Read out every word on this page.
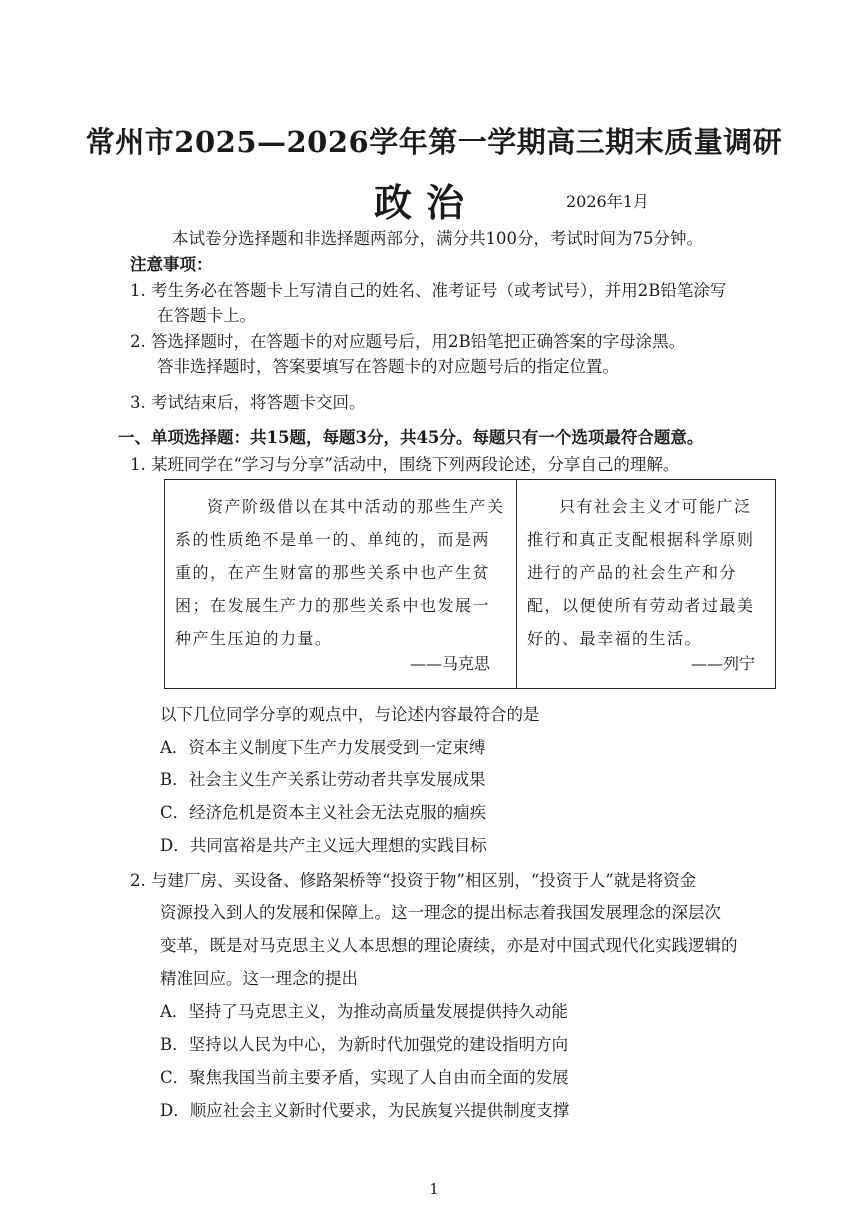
常州市2025—2026学年第一学期高三期末质量调研
政治	2026年1月
本试卷分选择题和非选择题两部分，满分共100分，考试时间为75分钟。
注意事项：
1. 考生务必在答题卡上写清自己的姓名、准考证号（或考试号），并用2B铅笔涂写
在答题卡上。
2. 答选择题时，在答题卡的对应题号后，用2B铅笔把正确答案的字母涂黑。
答非选择题时，答案要填写在答题卡的对应题号后的指定位置。
3. 考试结束后，将答题卡交回。
一、单项选择题：共15题，每题3分，共45分。每题只有一个选项最符合题意。
1. 某班同学在“学习与分享”活动中，围绕下列两段论述，分享自己的理解。
资产阶级借以在其中活动的那些生产关系的性质绝不是单一的、单纯的，而是两重的，在产生财富的那些关系中也产生贫困；在发展生产力的那些关系中也发展一种产生压迫的力量。
——马克思
只有社会主义才可能广泛推行和真正支配根据科学原则进行的产品的社会生产和分配，以便使所有劳动者过最美好的、最幸福的生活。
——列宁
以下几位同学分享的观点中，与论述内容最符合的是
A．资本主义制度下生产力发展受到一定束缚
B．社会主义生产关系让劳动者共享发展成果
C．经济危机是资本主义社会无法克服的痼疾
D．共同富裕是共产主义远大理想的实践目标
2. 与建厂房、买设备、修路架桥等“投资于物”相区别，“投资于人”就是将资金
资源投入到人的发展和保障上。这一理念的提出标志着我国发展理念的深层次
变革，既是对马克思主义人本思想的理论赓续，亦是对中国式现代化实践逻辑的
精准回应。这一理念的提出
A．坚持了马克思主义，为推动高质量发展提供持久动能
B．坚持以人民为中心，为新时代加强党的建设指明方向
C．聚焦我国当前主要矛盾，实现了人自由而全面的发展
D．顺应社会主义新时代要求，为民族复兴提供制度支撑
1
